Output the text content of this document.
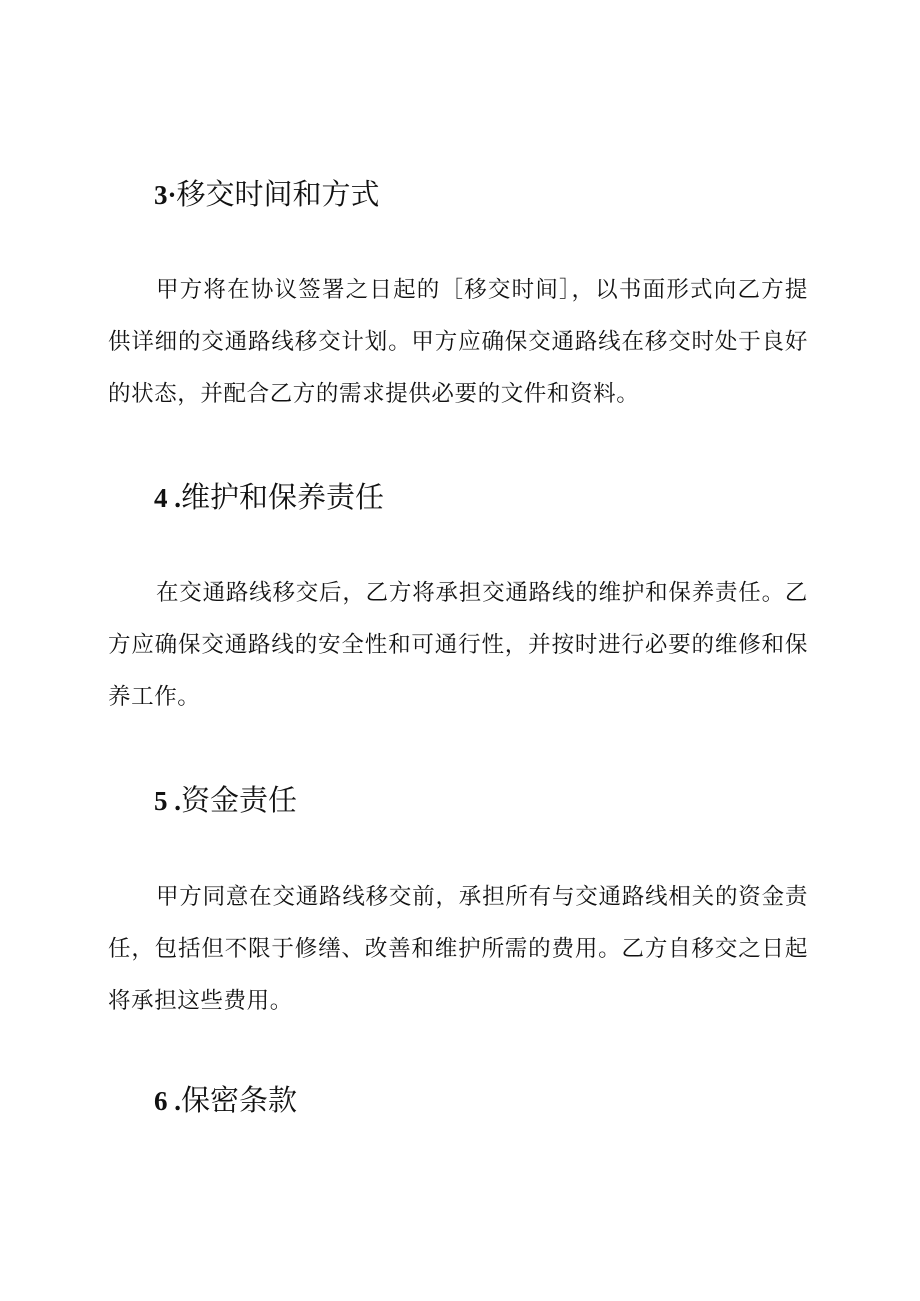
3·移交时间和方式

甲方将在协议签署之日起的［移交时间］，以书面形式向乙方提供详细的交通路线移交计划。甲方应确保交通路线在移交时处于良好的状态，并配合乙方的需求提供必要的文件和资料。

4 .维护和保养责任

在交通路线移交后，乙方将承担交通路线的维护和保养责任。乙方应确保交通路线的安全性和可通行性，并按时进行必要的维修和保养工作。

5 .资金责任

甲方同意在交通路线移交前，承担所有与交通路线相关的资金责任，包括但不限于修缮、改善和维护所需的费用。乙方自移交之日起将承担这些费用。

6 .保密条款
